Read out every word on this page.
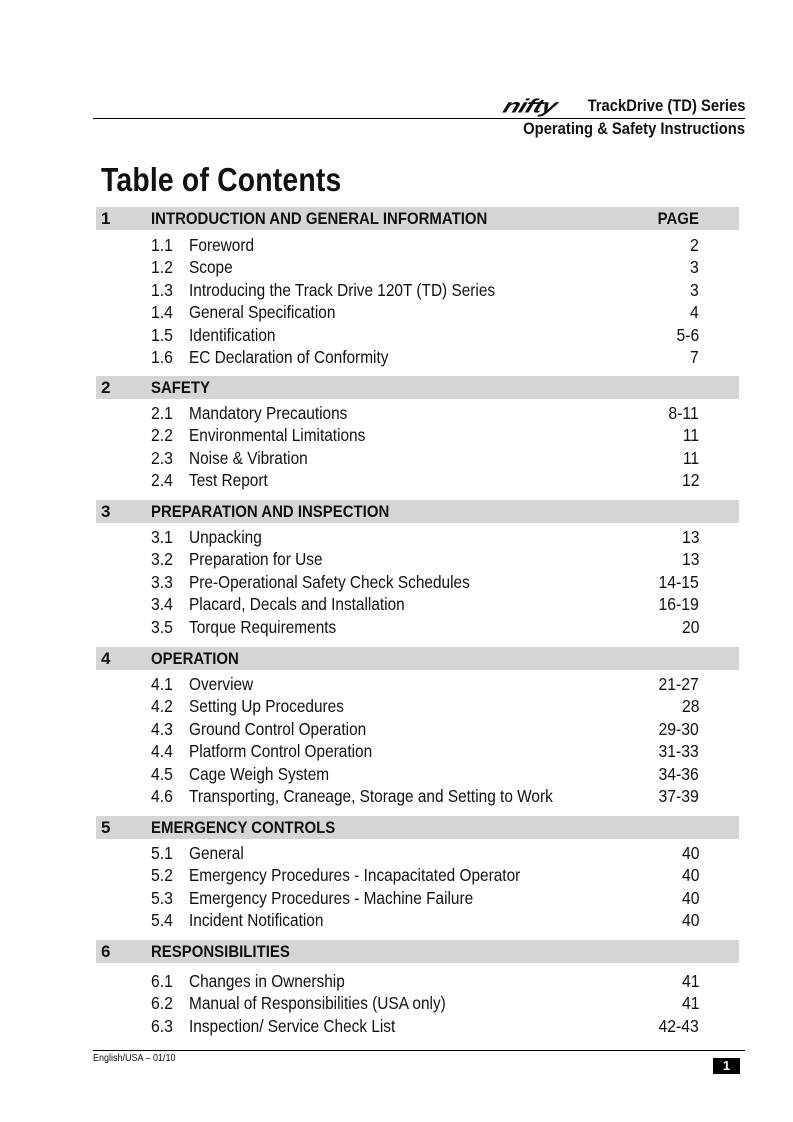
nifty TrackDrive (TD) Series
Operating & Safety Instructions
Table of Contents
1 INTRODUCTION AND GENERAL INFORMATION	PAGE
1.1 Foreword	2
1.2 Scope	3
1.3 Introducing the Track Drive 120T (TD) Series	3
1.4 General Specification	4
1.5 Identification	5-6
1.6 EC Declaration of Conformity	7
2 SAFETY
2.1 Mandatory Precautions	8-11
2.2 Environmental Limitations	11
2.3 Noise & Vibration	11
2.4 Test Report	12
3 PREPARATION AND INSPECTION
3.1 Unpacking	13
3.2 Preparation for Use	13
3.3 Pre-Operational Safety Check Schedules	14-15
3.4 Placard, Decals and Installation	16-19
3.5 Torque Requirements	20
4 OPERATION
4.1 Overview	21-27
4.2 Setting Up Procedures	28
4.3 Ground Control Operation	29-30
4.4 Platform Control Operation	31-33
4.5 Cage Weigh System	34-36
4.6 Transporting, Craneage, Storage and Setting to Work	37-39
5 EMERGENCY CONTROLS
5.1 General	40
5.2 Emergency Procedures - Incapacitated Operator	40
5.3 Emergency Procedures - Machine Failure	40
5.4 Incident Notification	40
6 RESPONSIBILITIES
6.1 Changes in Ownership	41
6.2 Manual of Responsibilities (USA only)	41
6.3 Inspection/ Service Check List	42-43
English/USA – 01/10	1
